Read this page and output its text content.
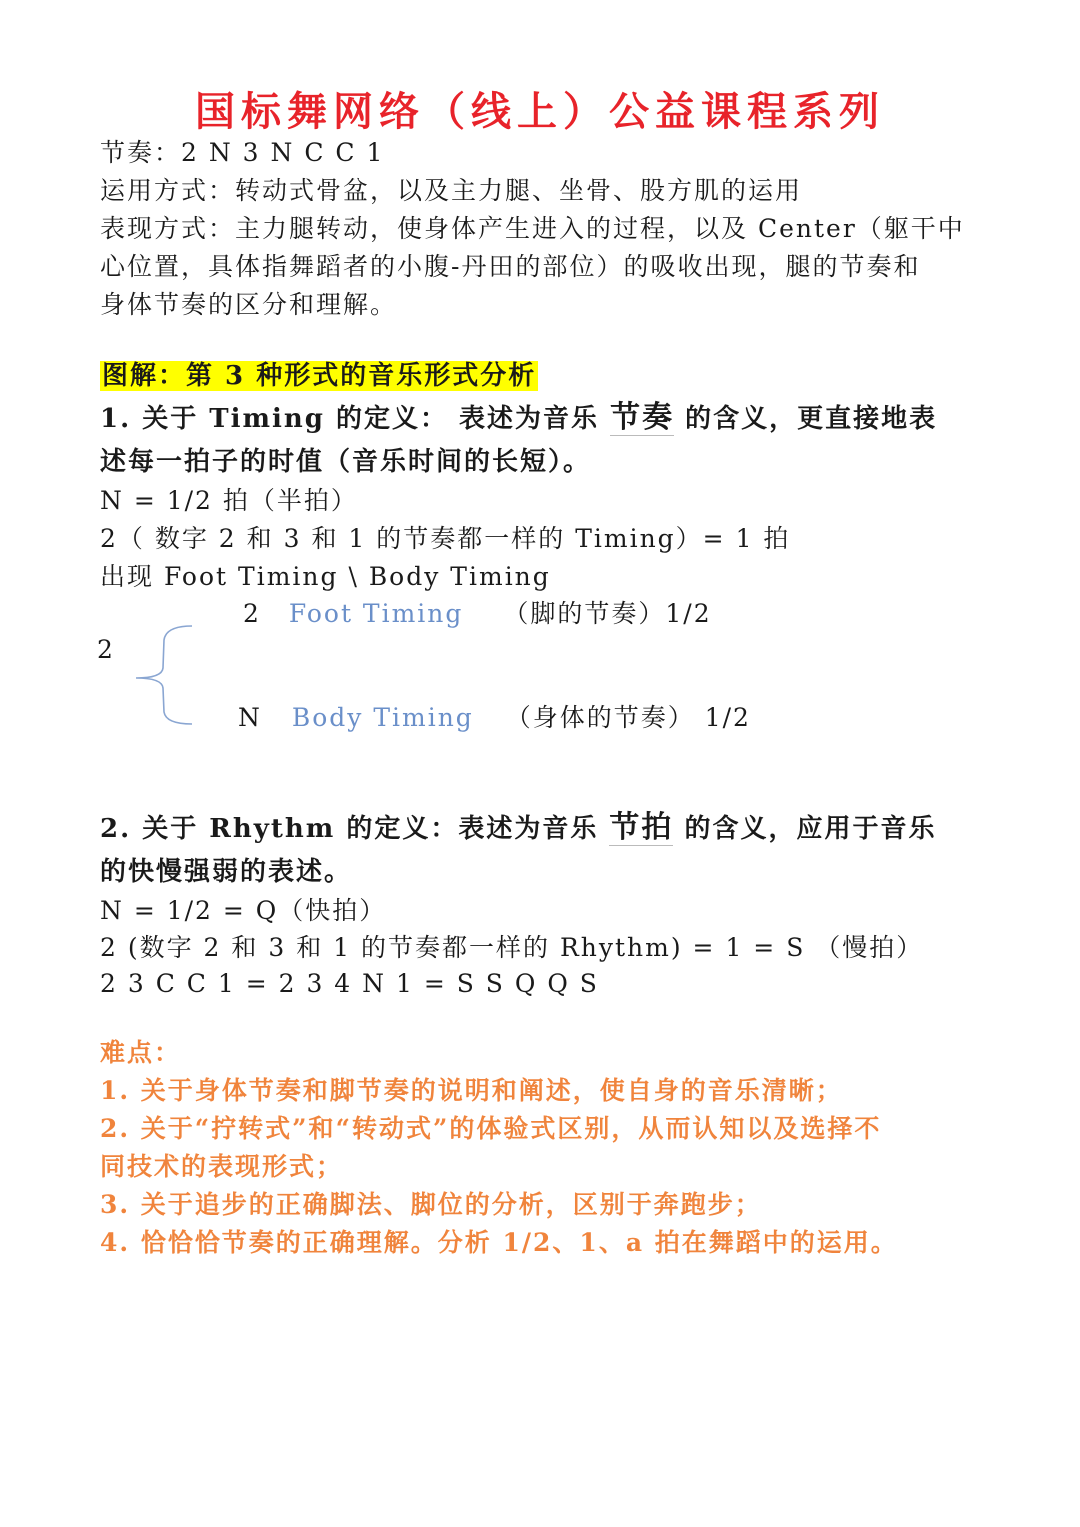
国标舞网络（线上）公益课程系列
节奏：2 N 3 N C C 1
运用方式：转动式骨盆，以及主力腿、坐骨、股方肌的运用
表现方式：主力腿转动，使身体产生进入的过程，以及 Center（躯干中
心位置，具体指舞蹈者的小腹-丹田的部位）的吸收出现，腿的节奏和
身体节奏的区分和理解。
图解：第 3 种形式的音乐形式分析
1. 关于 Timing 的定义： 表述为音乐 节奏 的含义，更直接地表
述每一拍子的时值（音乐时间的长短）。
N = 1/2 拍（半拍）
2（ 数字 2 和 3 和 1 的节奏都一样的 Timing）= 1 拍
出现 Foot Timing \ Body Timing
2 Foot Timing （脚的节奏）1/2
2
N Body Timing （身体的节奏） 1/2
2. 关于 Rhythm 的定义：表述为音乐 节拍 的含义，应用于音乐
的快慢强弱的表述。
N = 1/2 = Q（快拍）
2 (数字 2 和 3 和 1 的节奏都一样的 Rhythm) = 1 = S （慢拍）
2 3 C C 1 = 2 3 4 N 1 = S S Q Q S
难点：
1. 关于身体节奏和脚节奏的说明和阐述，使自身的音乐清晰；
2. 关于“拧转式”和“转动式”的体验式区别，从而认知以及选择不
同技术的表现形式；
3. 关于追步的正确脚法、脚位的分析，区别于奔跑步；
4. 恰恰恰节奏的正确理解。分析 1/2、1、a 拍在舞蹈中的运用。
